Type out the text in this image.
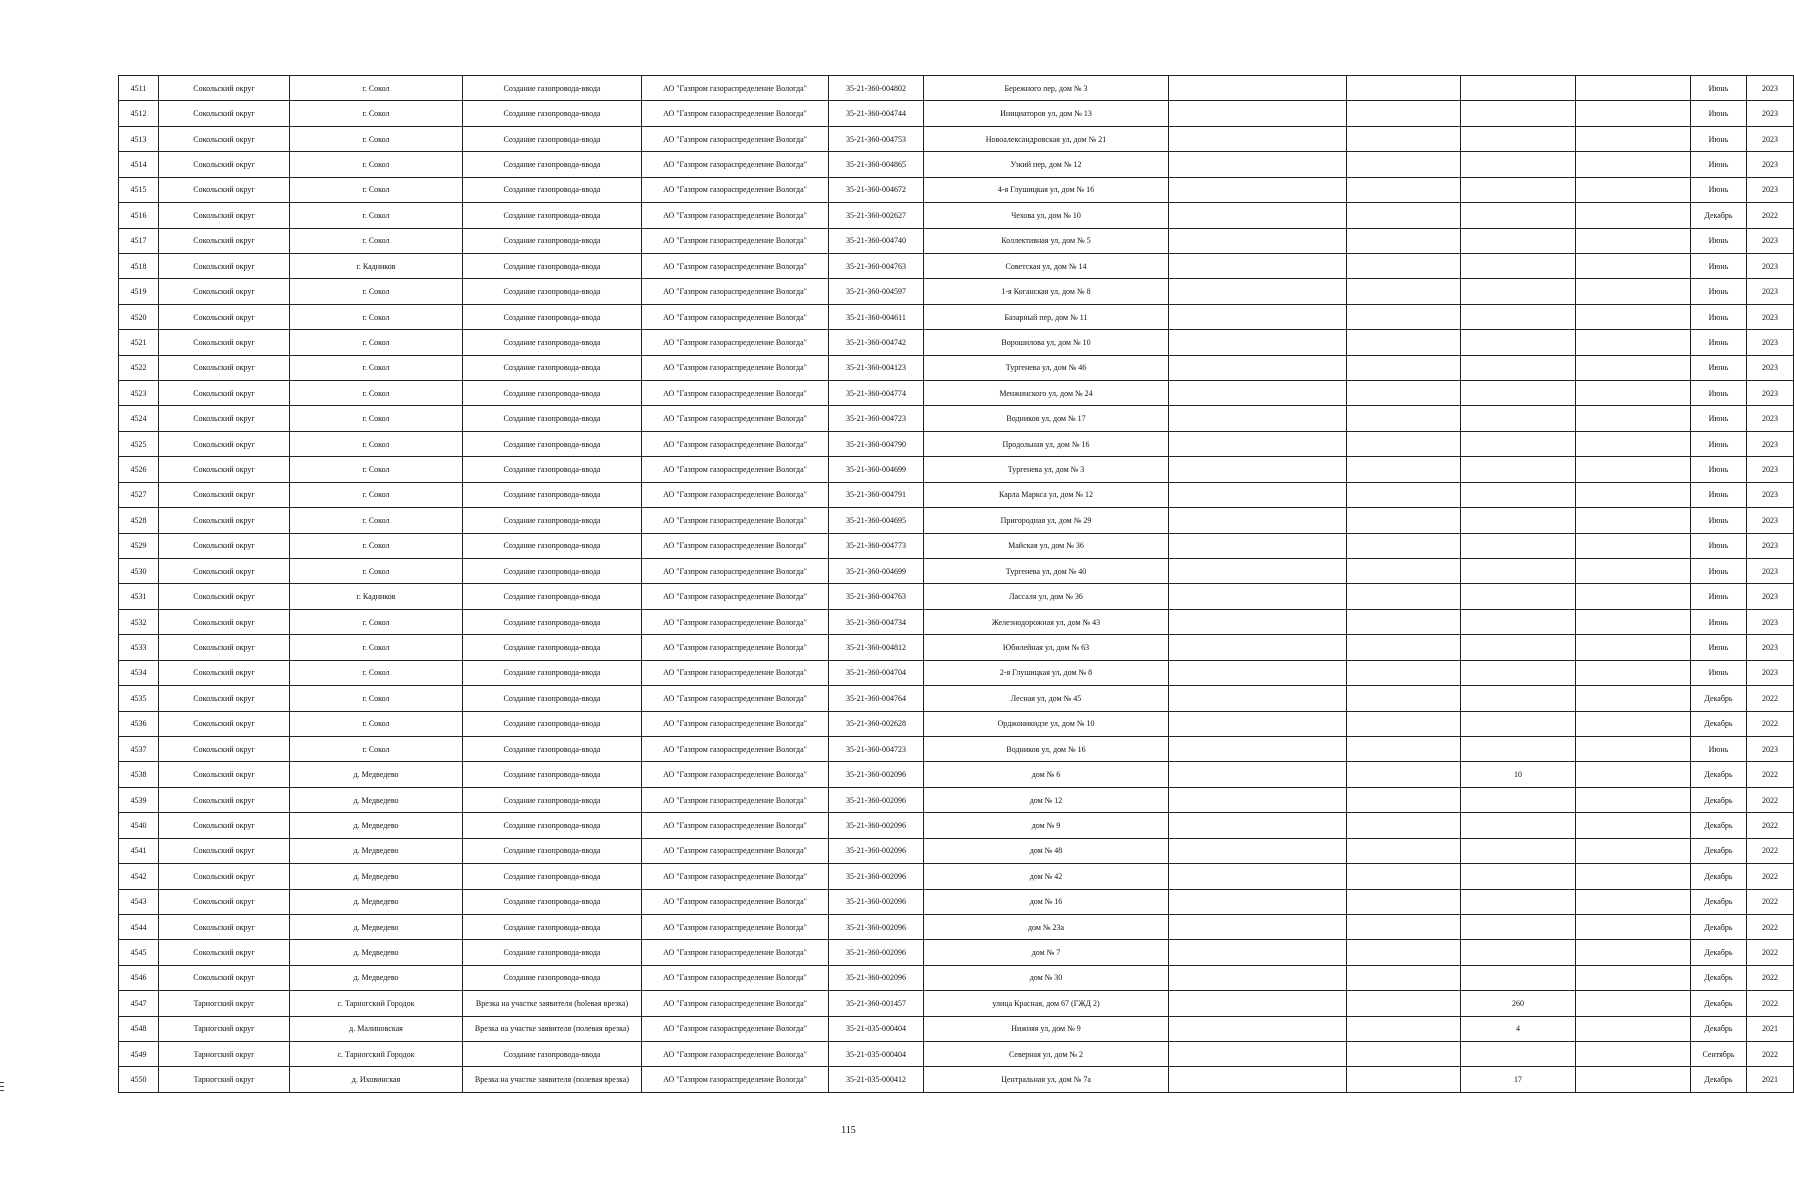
4511	Сокольский округ	г. Сокол	Создание газопровода-ввода	АО "Газпром газораспределение Вологда"	35-21-360-004802	Бережного пер, дом № 3					Июнь	2023
4512	Сокольский округ	г. Сокол	Создание газопровода-ввода	АО "Газпром газораспределение Вологда"	35-21-360-004744	Инициаторов ул, дом № 13					Июнь	2023
4513	Сокольский округ	г. Сокол	Создание газопровода-ввода	АО "Газпром газораспределение Вологда"	35-21-360-004753	Новоалександровская ул, дом № 21					Июнь	2023
4514	Сокольский округ	г. Сокол	Создание газопровода-ввода	АО "Газпром газораспределение Вологда"	35-21-360-004865	Узкий пер, дом № 12					Июнь	2023
4515	Сокольский округ	г. Сокол	Создание газопровода-ввода	АО "Газпром газораспределение Вологда"	35-21-360-004672	4-я Глушицкая ул, дом № 16					Июнь	2023
4516	Сокольский округ	г. Сокол	Создание газопровода-ввода	АО "Газпром газораспределение Вологда"	35-21-360-002627	Чехова ул, дом № 10					Декабрь	2022
4517	Сокольский округ	г. Сокол	Создание газопровода-ввода	АО "Газпром газораспределение Вологда"	35-21-360-004740	Коллективная ул, дом № 5					Июнь	2023
4518	Сокольский округ	г. Кадников	Создание газопровода-ввода	АО "Газпром газораспределение Вологда"	35-21-360-004763	Советская ул, дом № 14					Июнь	2023
4519	Сокольский округ	г. Сокол	Создание газопровода-ввода	АО "Газпром газораспределение Вологда"	35-21-360-004597	1-я Коганская ул, дом № 8					Июнь	2023
4520	Сокольский округ	г. Сокол	Создание газопровода-ввода	АО "Газпром газораспределение Вологда"	35-21-360-004611	Базарный пер, дом № 11					Июнь	2023
4521	Сокольский округ	г. Сокол	Создание газопровода-ввода	АО "Газпром газораспределение Вологда"	35-21-360-004742	Ворошилова ул, дом № 10					Июнь	2023
4522	Сокольский округ	г. Сокол	Создание газопровода-ввода	АО "Газпром газораспределение Вологда"	35-21-360-004123	Тургенева ул, дом № 46					Июнь	2023
4523	Сокольский округ	г. Сокол	Создание газопровода-ввода	АО "Газпром газораспределение Вологда"	35-21-360-004774	Менжинского ул, дом № 24					Июнь	2023
4524	Сокольский округ	г. Сокол	Создание газопровода-ввода	АО "Газпром газораспределение Вологда"	35-21-360-004723	Водников ул, дом № 17					Июнь	2023
4525	Сокольский округ	г. Сокол	Создание газопровода-ввода	АО "Газпром газораспределение Вологда"	35-21-360-004790	Продольная ул, дом № 16					Июнь	2023
4526	Сокольский округ	г. Сокол	Создание газопровода-ввода	АО "Газпром газораспределение Вологда"	35-21-360-004699	Тургенева ул, дом № 3					Июнь	2023
4527	Сокольский округ	г. Сокол	Создание газопровода-ввода	АО "Газпром газораспределение Вологда"	35-21-360-004791	Карла Маркса ул, дом № 12					Июнь	2023
4528	Сокольский округ	г. Сокол	Создание газопровода-ввода	АО "Газпром газораспределение Вологда"	35-21-360-004695	Пригородная ул, дом № 29					Июнь	2023
4529	Сокольский округ	г. Сокол	Создание газопровода-ввода	АО "Газпром газораспределение Вологда"	35-21-360-004773	Майская ул, дом № 36					Июнь	2023
4530	Сокольский округ	г. Сокол	Создание газопровода-ввода	АО "Газпром газораспределение Вологда"	35-21-360-004699	Тургенева ул, дом № 40					Июнь	2023
4531	Сокольский округ	г. Кадников	Создание газопровода-ввода	АО "Газпром газораспределение Вологда"	35-21-360-004763	Лассаля ул, дом № 36					Июнь	2023
4532	Сокольский округ	г. Сокол	Создание газопровода-ввода	АО "Газпром газораспределение Вологда"	35-21-360-004734	Железнодорожная ул, дом № 43					Июнь	2023
4533	Сокольский округ	г. Сокол	Создание газопровода-ввода	АО "Газпром газораспределение Вологда"	35-21-360-004812	Юбилейная ул, дом № 63					Июнь	2023
4534	Сокольский округ	г. Сокол	Создание газопровода-ввода	АО "Газпром газораспределение Вологда"	35-21-360-004704	2-я Глушицкая ул, дом № 8					Июнь	2023
4535	Сокольский округ	г. Сокол	Создание газопровода-ввода	АО "Газпром газораспределение Вологда"	35-21-360-004764	Лесная ул, дом № 45					Декабрь	2022
4536	Сокольский округ	г. Сокол	Создание газопровода-ввода	АО "Газпром газораспределение Вологда"	35-21-360-002628	Орджоникидзе ул, дом № 10					Декабрь	2022
4537	Сокольский округ	г. Сокол	Создание газопровода-ввода	АО "Газпром газораспределение Вологда"	35-21-360-004723	Водников ул, дом № 16					Июнь	2023
4538	Сокольский округ	д. Медведево	Создание газопровода-ввода	АО "Газпром газораспределение Вологда"	35-21-360-002096	дом № 6			10		Декабрь	2022
4539	Сокольский округ	д. Медведево	Создание газопровода-ввода	АО "Газпром газораспределение Вологда"	35-21-360-002096	дом № 12					Декабрь	2022
4540	Сокольский округ	д. Медведево	Создание газопровода-ввода	АО "Газпром газораспределение Вологда"	35-21-360-002096	дом № 9					Декабрь	2022
4541	Сокольский округ	д. Медведево	Создание газопровода-ввода	АО "Газпром газораспределение Вологда"	35-21-360-002096	дом № 48					Декабрь	2022
4542	Сокольский округ	д. Медведево	Создание газопровода-ввода	АО "Газпром газораспределение Вологда"	35-21-360-002096	дом № 42					Декабрь	2022
4543	Сокольский округ	д. Медведево	Создание газопровода-ввода	АО "Газпром газораспределение Вологда"	35-21-360-002096	дом № 16					Декабрь	2022
4544	Сокольский округ	д. Медведево	Создание газопровода-ввода	АО "Газпром газораспределение Вологда"	35-21-360-002096	дом № 23а					Декабрь	2022
4545	Сокольский округ	д. Медведево	Создание газопровода-ввода	АО "Газпром газораспределение Вологда"	35-21-360-002096	дом № 7					Декабрь	2022
4546	Сокольский округ	д. Медведево	Создание газопровода-ввода	АО "Газпром газораспределение Вологда"	35-21-360-002096	дом № 30					Декабрь	2022
4547	Тарногский округ	с. Тарногский Городок	Врезка на участке заявителя (holевая врезка)	АО "Газпром газораспределение Вологда"	35-21-360-001457	улица Красная, дом 67 (ГЖД 2)			260		Декабрь	2022
4548	Тарногский округ	д. Малиновская	Врезка на участке заявителя (полевая врезка)	АО "Газпром газораспределение Вологда"	35-21-035-000404	Нижняя ул, дом № 9			4		Декабрь	2021
4549	Тарногский округ	с. Тарногский Городок	Создание газопровода-ввода	АО "Газпром газораспределение Вологда"	35-21-035-000404	Северная ул, дом № 2					Сентябрь	2022
4550	Тарногский округ	д. Иховинская	Врезка на участке заявителя (полевая врезка)	АО "Газпром газораспределение Вологда"	35-21-035-000412	Центральная ул, дом № 7а			17		Декабрь	2021
115
